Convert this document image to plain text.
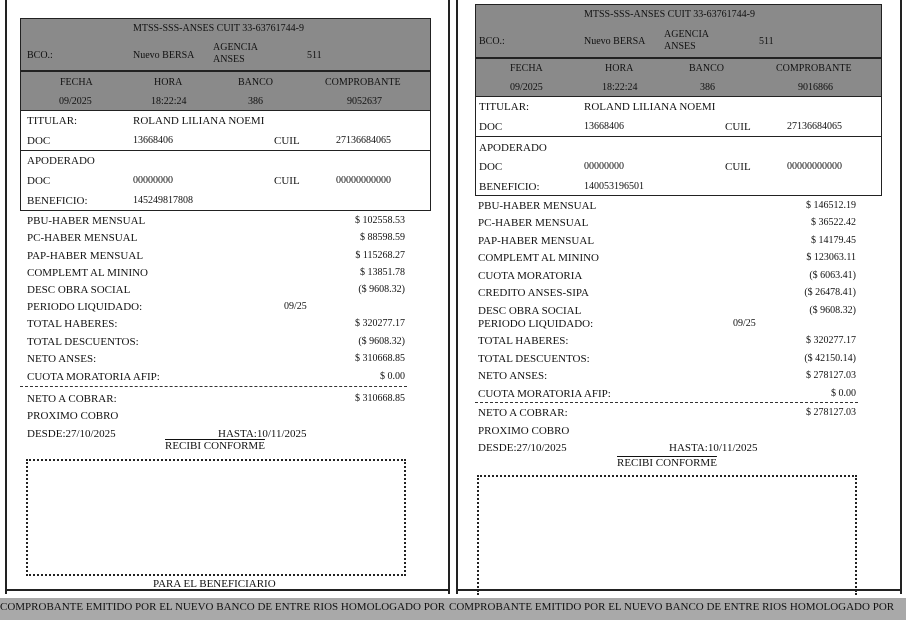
MTSS-SSS-ANSES CUIT 33-63761744-9
BCO.:	Nuevo BERSA
AGENCIA ANSES	511
FECHA	HORA	BANCO	COMPROBANTE
09/2025	18:22:24	386	9052637
TITULAR:	ROLAND LILIANA NOEMI
DOC	13668406	CUIL	27136684065
APODERADO
DOC	00000000	CUIL	00000000000
BENEFICIO:	145249817808
PBU-HABER MENSUAL	$ 102558.53
PC-HABER MENSUAL	$ 88598.59
PAP-HABER MENSUAL	$ 115268.27
COMPLEMT AL MININO	$ 13851.78
DESC OBRA SOCIAL	($ 9608.32)
PERIODO LIQUIDADO:	09/25
TOTAL HABERES:	$ 320277.17
TOTAL DESCUENTOS:	($ 9608.32)
NETO ANSES:	$ 310668.85
CUOTA MORATORIA AFIP:	$ 0.00
NETO A COBRAR:	$ 310668.85
PROXIMO COBRO
DESDE:27/10/2025	HASTA:10/11/2025
RECIBI CONFORME
PARA EL BENEFICIARIO
MTSS-SSS-ANSES CUIT 33-63761744-9
BCO.:	Nuevo BERSA
AGENCIA ANSES	511
FECHA	HORA	BANCO	COMPROBANTE
09/2025	18:22:24	386	9016866
TITULAR:	ROLAND LILIANA NOEMI
DOC	13668406	CUIL	27136684065
APODERADO
DOC	00000000	CUIL	00000000000
BENEFICIO:	140053196501
PBU-HABER MENSUAL	$ 146512.19
PC-HABER MENSUAL	$ 36522.42
PAP-HABER MENSUAL	$ 14179.45
COMPLEMT AL MININO	$ 123063.11
CUOTA MORATORIA	($ 6063.41)
CREDITO ANSES-SIPA	($ 26478.41)
DESC OBRA SOCIAL	($ 9608.32)
PERIODO LIQUIDADO:	09/25
TOTAL HABERES:	$ 320277.17
TOTAL DESCUENTOS:	($ 42150.14)
NETO ANSES:	$ 278127.03
CUOTA MORATORIA AFIP:	$ 0.00
NETO A COBRAR:	$ 278127.03
PROXIMO COBRO
DESDE:27/10/2025	HASTA:10/11/2025
RECIBI CONFORME
COMPROBANTE EMITIDO POR EL NUEVO BANCO DE ENTRE RIOS HOMOLOGADO POR COMPROBANTE EMITIDO POR EL NUEVO BANCO DE ENTRE RIOS HOMOLOGADO POR
